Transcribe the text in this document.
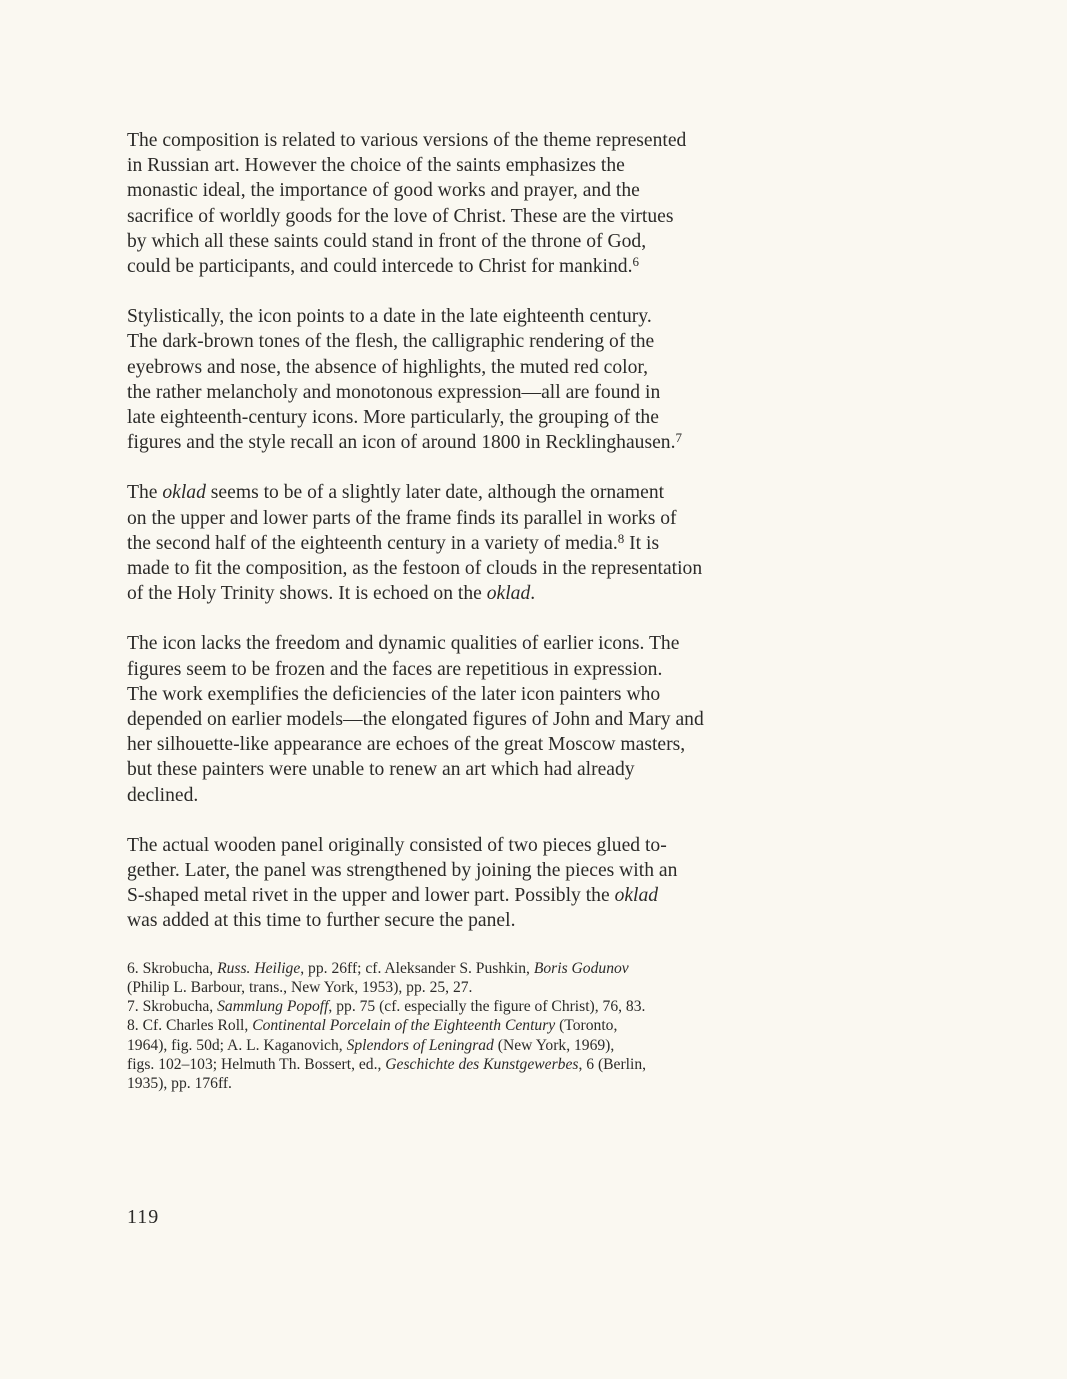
The composition is related to various versions of the theme represented
in Russian art. However the choice of the saints emphasizes the
monastic ideal, the importance of good works and prayer, and the
sacrifice of worldly goods for the love of Christ. These are the virtues
by which all these saints could stand in front of the throne of God,
could be participants, and could intercede to Christ for mankind.$^6$

Stylistically, the icon points to a date in the late eighteenth century.
The dark-brown tones of the flesh, the calligraphic rendering of the
eyebrows and nose, the absence of highlights, the muted red color,
the rather melancholy and monotonous expression—all are found in
late eighteenth-century icons. More particularly, the grouping of the
figures and the style recall an icon of around 1800 in Recklinghausen.$^7$

The oklad seems to be of a slightly later date, although the ornament
on the upper and lower parts of the frame finds its parallel in works of
the second half of the eighteenth century in a variety of media.$^8$ It is
made to fit the composition, as the festoon of clouds in the representation
of the Holy Trinity shows. It is echoed on the oklad.

The icon lacks the freedom and dynamic qualities of earlier icons. The
figures seem to be frozen and the faces are repetitious in expression.
The work exemplifies the deficiencies of the later icon painters who
depended on earlier models—the elongated figures of John and Mary and
her silhouette-like appearance are echoes of the great Moscow masters,
but these painters were unable to renew an art which had already
declined.

The actual wooden panel originally consisted of two pieces glued to-
gether. Later, the panel was strengthened by joining the pieces with an
S-shaped metal rivet in the upper and lower part. Possibly the oklad
was added at this time to further secure the panel.

6. Skrobucha, Russ. Heilige, pp. 26ff; cf. Aleksander S. Pushkin, Boris Godunov
(Philip L. Barbour, trans., New York, 1953), pp. 25, 27.
7. Skrobucha, Sammlung Popoff, pp. 75 (cf. especially the figure of Christ), 76, 83.
8. Cf. Charles Roll, Continental Porcelain of the Eighteenth Century (Toronto,
1964), fig. 50d; A. L. Kaganovich, Splendors of Leningrad (New York, 1969),
figs. 102–103; Helmuth Th. Bossert, ed., Geschichte des Kunstgewerbes, 6 (Berlin,
1935), pp. 176ff.
119
